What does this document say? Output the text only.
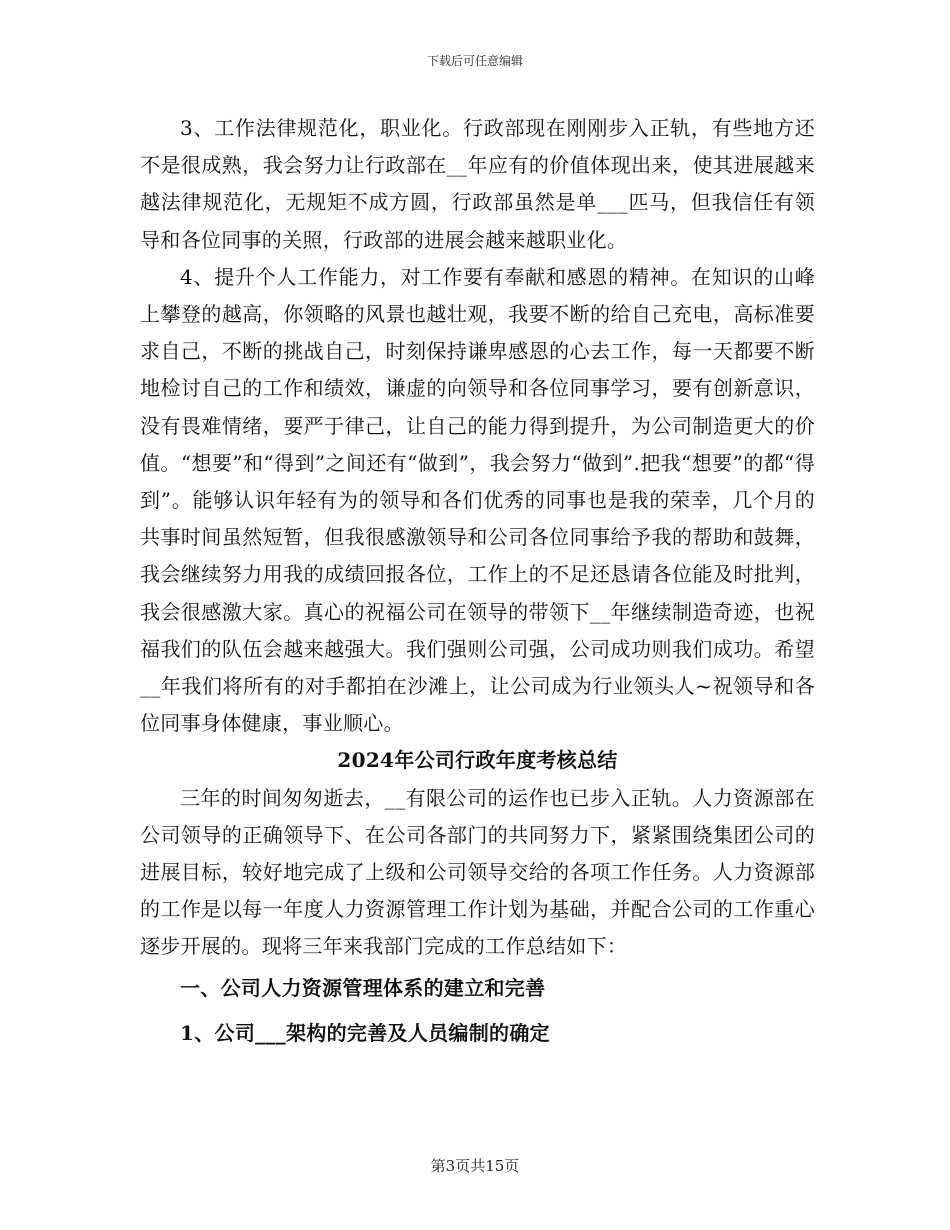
下载后可任意编辑

3、工作法律规范化，职业化。行政部现在刚刚步入正轨，有些地方还不是很成熟，我会努力让行政部在__年应有的价值体现出来，使其进展越来越法律规范化，无规矩不成方圆，行政部虽然是单___匹马，但我信任有领导和各位同事的关照，行政部的进展会越来越职业化。

4、提升个人工作能力，对工作要有奉献和感恩的精神。在知识的山峰上攀登的越高，你领略的风景也越壮观，我要不断的给自己充电，高标准要求自己，不断的挑战自己，时刻保持谦卑感恩的心去工作，每一天都要不断地检讨自己的工作和绩效，谦虚的向领导和各位同事学习，要有创新意识，没有畏难情绪，要严于律己，让自己的能力得到提升，为公司制造更大的价值。“想要”和“得到”之间还有“做到”，我会努力“做到”.把我“想要”的都“得到”。能够认识年轻有为的领导和各们优秀的同事也是我的荣幸，几个月的共事时间虽然短暂，但我很感激领导和公司各位同事给予我的帮助和鼓舞，我会继续努力用我的成绩回报各位，工作上的不足还恳请各位能及时批判，我会很感激大家。真心的祝福公司在领导的带领下__年继续制造奇迹，也祝福我们的队伍会越来越强大。我们强则公司强，公司成功则我们成功。希望__年我们将所有的对手都拍在沙滩上，让公司成为行业领头人~祝领导和各位同事身体健康，事业顺心。

2024年公司行政年度考核总结

三年的时间匆匆逝去，__有限公司的运作也已步入正轨。人力资源部在公司领导的正确领导下、在公司各部门的共同努力下，紧紧围绕集团公司的进展目标，较好地完成了上级和公司领导交给的各项工作任务。人力资源部的工作是以每一年度人力资源管理工作计划为基础，并配合公司的工作重心逐步开展的。现将三年来我部门完成的工作总结如下：

一、公司人力资源管理体系的建立和完善

1、公司___架构的完善及人员编制的确定

第3页共15页
